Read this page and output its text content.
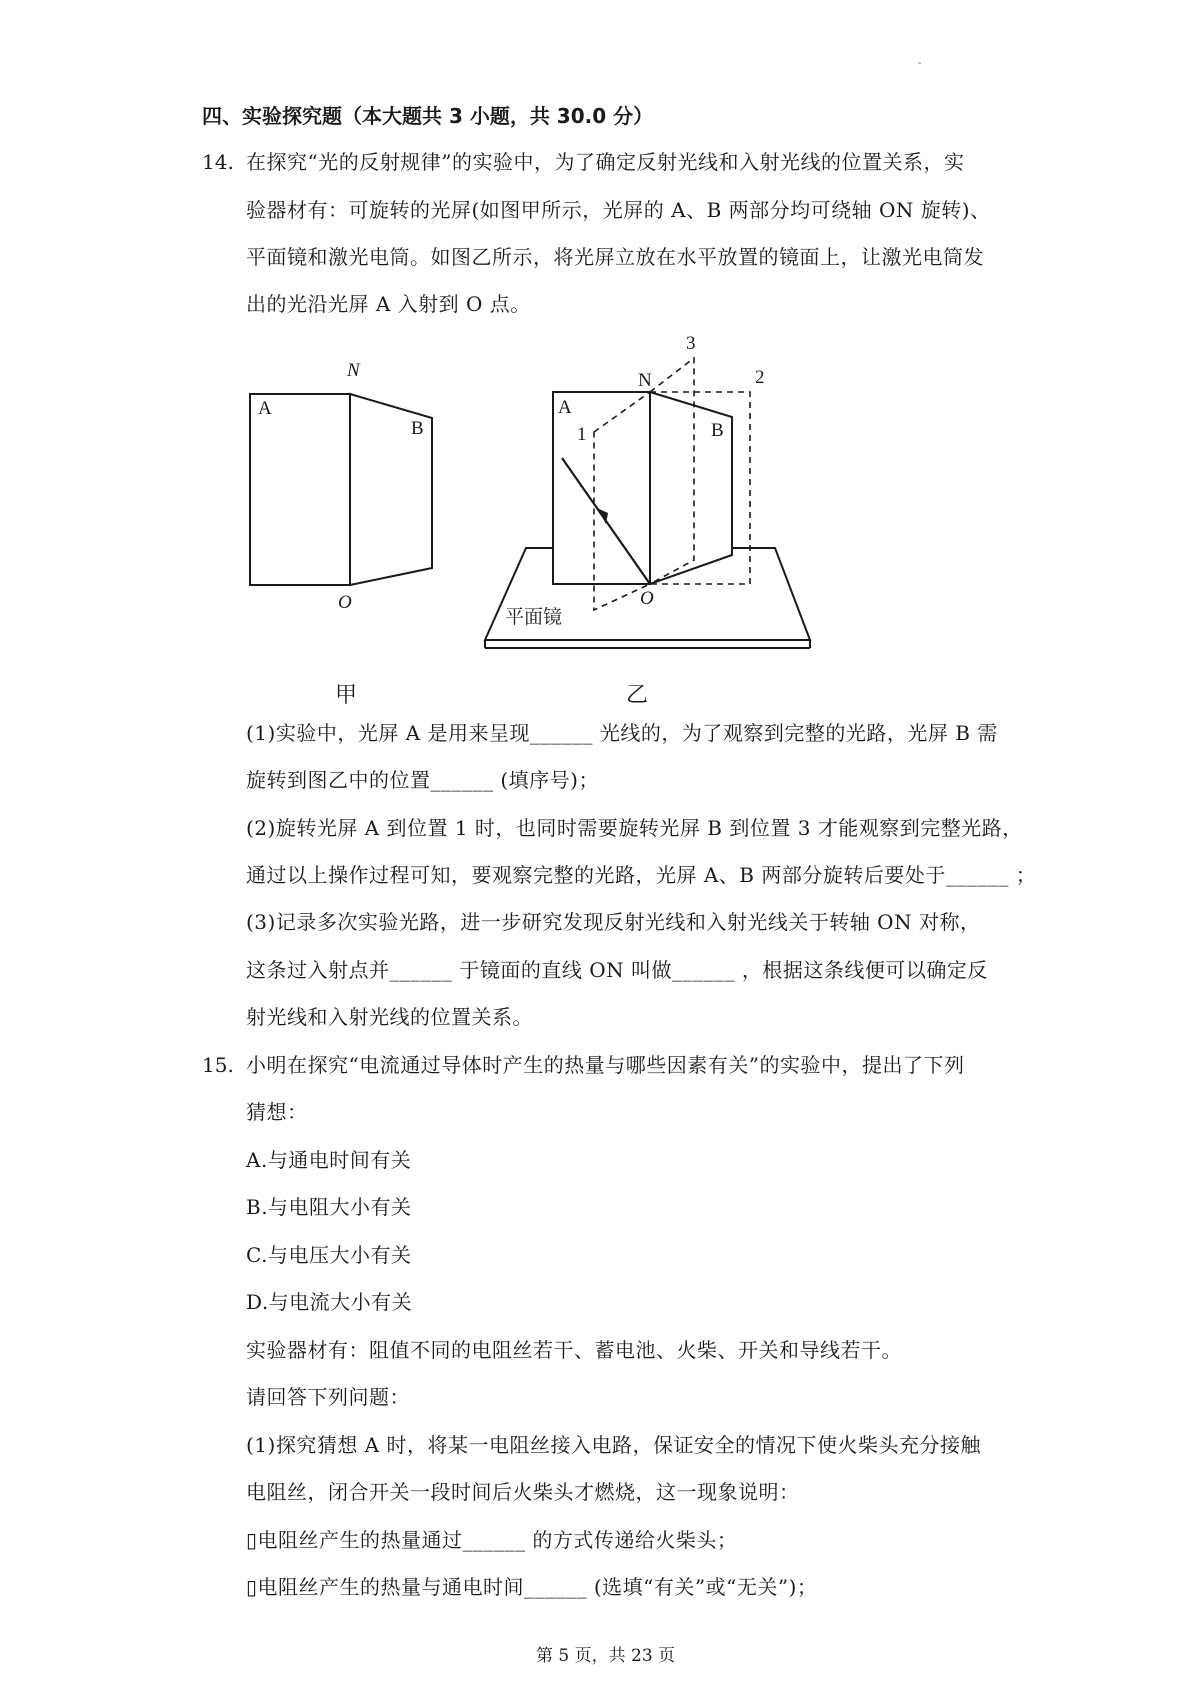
-
四、实验探究题（本大题共 3 小题，共 30.0 分）
14. 在探究“光的反射规律”的实验中，为了确定反射光线和入射光线的位置关系，实
验器材有：可旋转的光屏(如图甲所示，光屏的 A、B 两部分均可绕轴 ON 旋转)、
平面镜和激光电筒。如图乙所示，将光屏立放在水平放置的镜面上，让激光电筒发
出的光沿光屏 A 入射到 O 点。
A
B
N
O
甲
A
B
N
O
1
2
3
平面镜
乙
(1)实验中，光屏 A 是用来呈现______ 光线的，为了观察到完整的光路，光屏 B 需
旋转到图乙中的位置______ (填序号)；
(2)旋转光屏 A 到位置 1 时，也同时需要旋转光屏 B 到位置 3 才能观察到完整光路，
通过以上操作过程可知，要观察完整的光路，光屏 A、B 两部分旋转后要处于______ ；
(3)记录多次实验光路，进一步研究发现反射光线和入射光线关于转轴 ON 对称，
这条过入射点并______ 于镜面的直线 ON 叫做______ ，根据这条线便可以确定反
射光线和入射光线的位置关系。
15. 小明在探究“电流通过导体时产生的热量与哪些因素有关”的实验中，提出了下列
猜想：
A.与通电时间有关
B.与电阻大小有关
C.与电压大小有关
D.与电流大小有关
实验器材有：阻值不同的电阻丝若干、蓄电池、火柴、开关和导线若干。
请回答下列问题：
(1)探究猜想 A 时，将某一电阻丝接入电路，保证安全的情况下使火柴头充分接触
电阻丝，闭合开关一段时间后火柴头才燃烧，这一现象说明：
▯电阻丝产生的热量通过______ 的方式传递给火柴头；
▯电阻丝产生的热量与通电时间______ (选填“有关”或“无关”)；
第 5 页，共 23 页
